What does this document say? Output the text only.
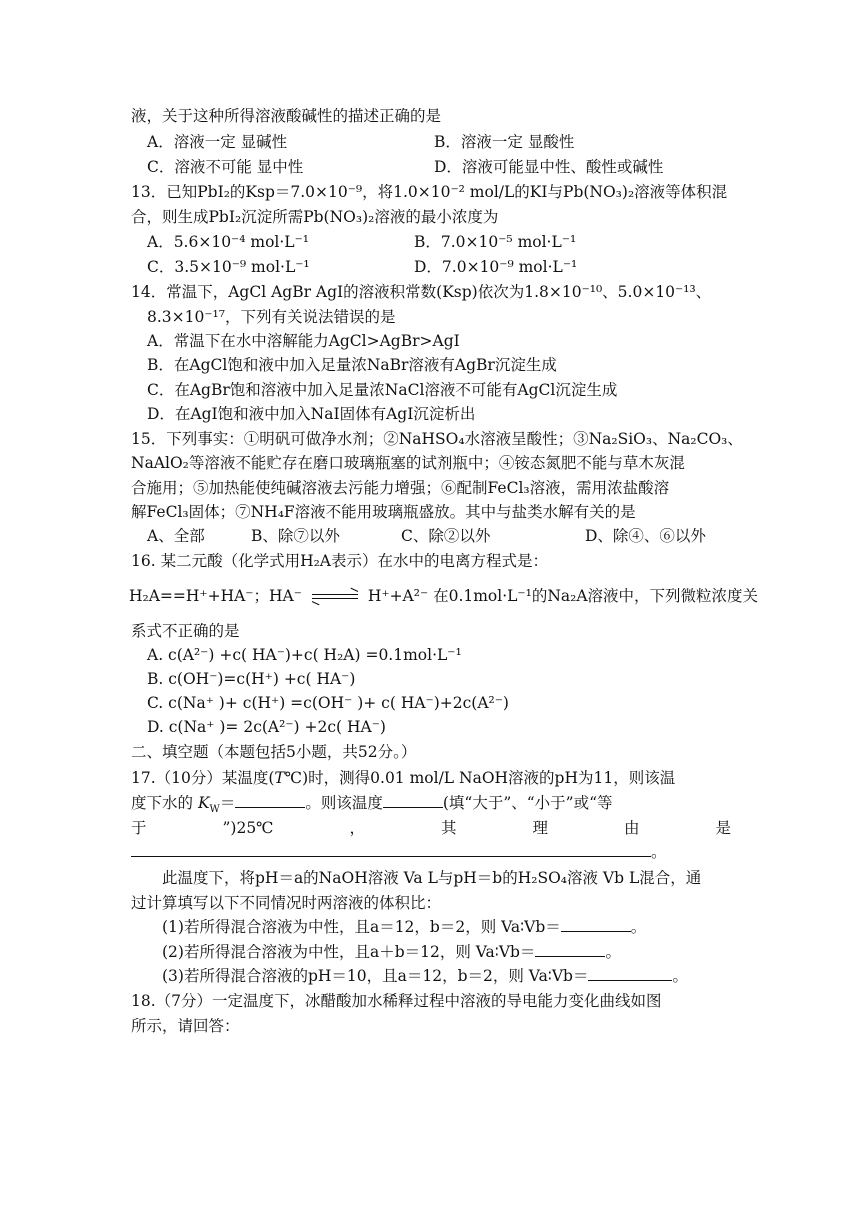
液，关于这种所得溶液酸碱性的描述正确的是
A．溶液一定 显碱性	B．溶液一定 显酸性
C．溶液不可能 显中性	D．溶液可能显中性、酸性或碱性
13．已知PbI₂的Ksp＝7.0×10⁻⁹，将1.0×10⁻² mol/L的KI与Pb(NO₃)₂溶液等体积混
合，则生成PbI₂沉淀所需Pb(NO₃)₂溶液的最小浓度为
A．5.6×10⁻⁴ mol·L⁻¹	B．7.0×10⁻⁵ mol·L⁻¹
C．3.5×10⁻⁹ mol·L⁻¹	D．7.0×10⁻⁹ mol·L⁻¹
14．常温下，AgCl AgBr AgI的溶液积常数(Ksp)依次为1.8×10⁻¹⁰、5.0×10⁻¹³、
8.3×10⁻¹⁷，下列有关说法错误的是
A．常温下在水中溶解能力AgCl>AgBr>AgI
B．在AgCl饱和液中加入足量浓NaBr溶液有AgBr沉淀生成
C．在AgBr饱和溶液中加入足量浓NaCl溶液不可能有AgCl沉淀生成
D．在AgI饱和液中加入NaI固体有AgI沉淀析出
15．下列事实：①明矾可做净水剂；②NaHSO₄水溶液呈酸性；③Na₂SiO₃、Na₂CO₃、
NaAlO₂等溶液不能贮存在磨口玻璃瓶塞的试剂瓶中；④铵态氮肥不能与草木灰混
合施用；⑤加热能使纯碱溶液去污能力增强；⑥配制FeCl₃溶液，需用浓盐酸溶
解FeCl₃固体；⑦NH₄F溶液不能用玻璃瓶盛放。其中与盐类水解有关的是
A、全部	B、除⑦以外	C、除②以外	D、除④、⑥以外
16. 某二元酸（化学式用H₂A表示）在水中的电离方程式是：
H₂A==H⁺+HA⁻；HA⁻	H⁺+A²⁻ 在0.1mol·L⁻¹的Na₂A溶液中，下列微粒浓度关
系式不正确的是
A. c(A²⁻) +c( HA⁻)+c( H₂A) =0.1mol·L⁻¹
B. c(OH⁻)=c(H⁺) +c( HA⁻)
C. c(Na⁺ )+ c(H⁺) =c(OH⁻ )+ c( HA⁻)+2c(A²⁻)
D. c(Na⁺ )= 2c(A²⁻) +2c( HA⁻)
二、填空题（本题包括5小题，共52分。）
17.（10分）某温度(T℃)时，测得0.01 mol/L NaOH溶液的pH为11，则该温
度下水的 $K_W=$	。则该温度	(填“大于”、“小于”或“等
于	”)25℃	，	其	理	由	是
。
此温度下，将pH＝a的NaOH溶液 Va L与pH＝b的H₂SO₄溶液 Vb L混合，通
过计算填写以下不同情况时两溶液的体积比：
(1)若所得混合溶液为中性，且a＝12，b＝2，则 Va∶Vb＝	。
(2)若所得混合溶液为中性，且a＋b＝12，则 Va∶Vb＝	。
(3)若所得混合溶液的pH＝10，且a＝12，b＝2，则 Va∶Vb＝	。
18.（7分）一定温度下，冰醋酸加水稀释过程中溶液的导电能力变化曲线如图
所示，请回答：
